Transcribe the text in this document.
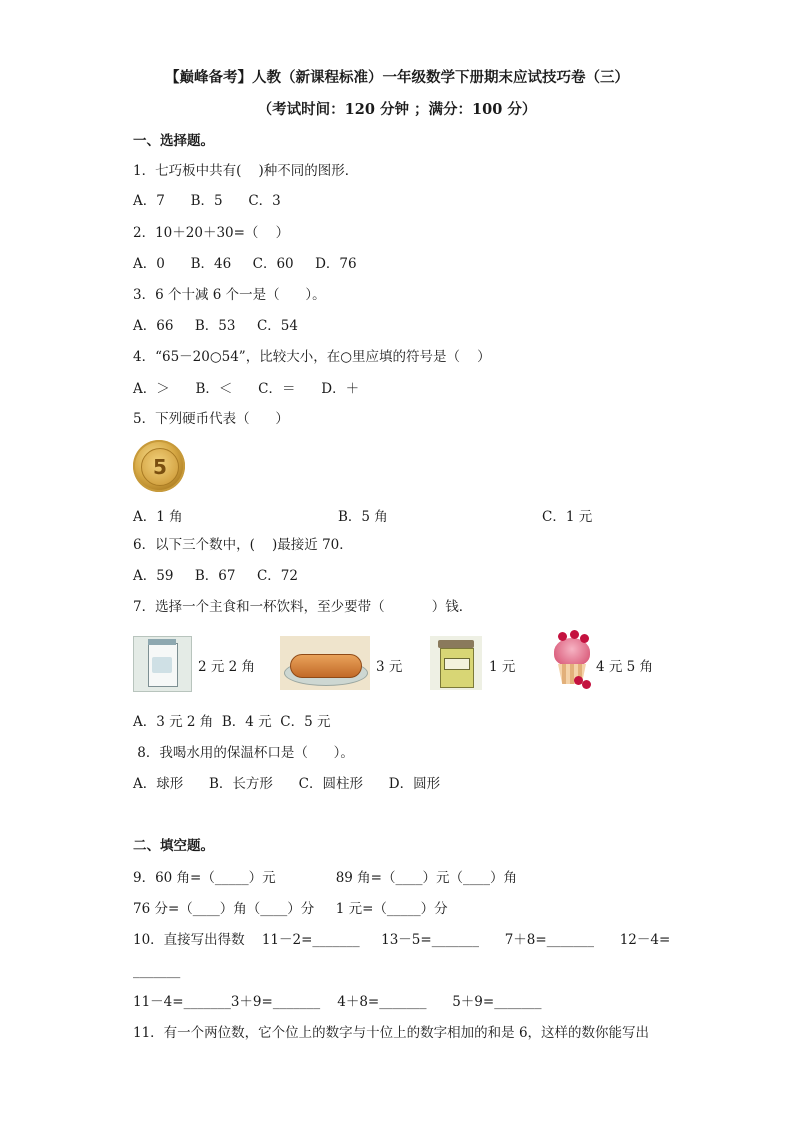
【巅峰备考】人教（新课程标准）一年级数学下册期末应试技巧卷（三）
（考试时间：120 分钟 ；满分：100 分）
一、选择题。
1．七巧板中共有(    )种不同的图形．
A．7      B．5      C．3
2．10＋20＋30=（    ）
A．0      B．46     C．60     D．76
3．6 个十减 6 个一是（      ）。
A．66     B．53     C．54
4．“65－20○54”，比较大小，在○里应填的符号是（    ）
A．＞      B．＜      C．＝      D．＋
5．下列硬币代表（      ）
5
A．1 角	B．5 角	C．1 元
6．以下三个数中，(    )最接近 70．
A．59     B．67     C．72
7．选择一个主食和一杯饮料，至少要带（           ）钱．
2 元 2 角	3 元	1 元	4 元 5 角
A．3 元 2 角  B．4 元  C．5 元
8．我喝水用的保温杯口是（      ）。
A．球形      B．长方形      C．圆柱形      D．圆形
二、填空题。
9．60 角=（_____）元              89 角=（____）元（____）角
76 分=（____）角（____）分     1 元=（_____）分
10．直接写出得数    11－2=_______     13－5=_______      7＋8=_______      12－4=
_______
11－4=_______3＋9=_______    4＋8=_______      5＋9=_______
11．有一个两位数，它个位上的数字与十位上的数字相加的和是 6，这样的数你能写出
